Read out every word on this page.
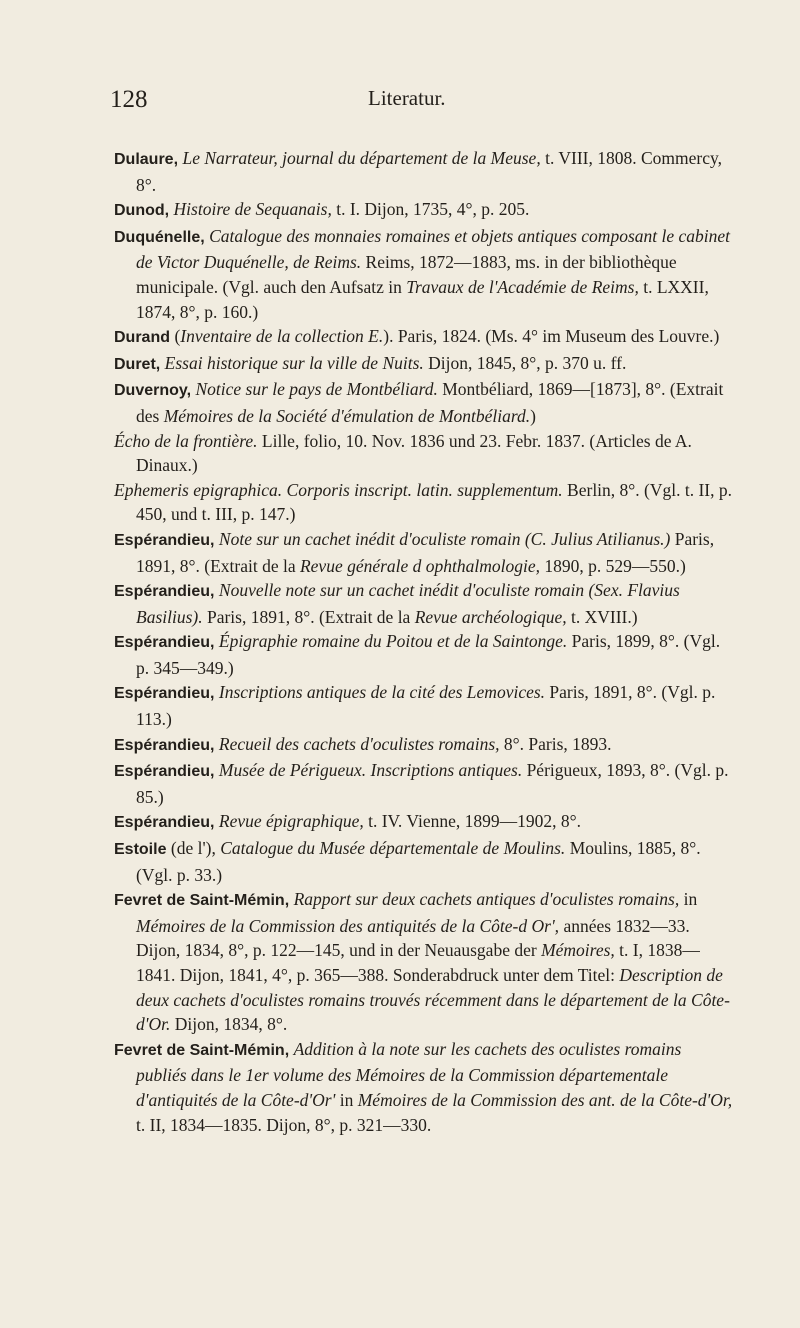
128	Literatur.

Dulaure, Le Narrateur, journal du département de la Meuse, t. VIII, 1808. Commercy, 8°.

Dunod, Histoire de Sequanais, t. I. Dijon, 1735, 4°, p. 205.

Duquénelle, Catalogue des monnaies romaines et objets antiques composant le cabinet de Victor Duquénelle, de Reims. Reims, 1872—1883, ms. in der bibliothèque municipale. (Vgl. auch den Aufsatz in Travaux de l'Académie de Reims, t. LXXII, 1874, 8°, p. 160.)

Durand (Inventaire de la collection E.). Paris, 1824. (Ms. 4° im Museum des Louvre.)

Duret, Essai historique sur la ville de Nuits. Dijon, 1845, 8°, p. 370 u. ff.

Duvernoy, Notice sur le pays de Montbéliard. Montbéliard, 1869—[1873], 8°. (Extrait des Mémoires de la Société d'émulation de Montbéliard.)

Écho de la frontière. Lille, folio, 10. Nov. 1836 und 23. Febr. 1837. (Articles de A. Dinaux.)

Ephemeris epigraphica. Corporis inscript. latin. supplementum. Berlin, 8°. (Vgl. t. II, p. 450, und t. III, p. 147.)

Espérandieu, Note sur un cachet inédit d'oculiste romain (C. Julius Atilianus.) Paris, 1891, 8°. (Extrait de la Revue générale d ophthalmologie, 1890, p. 529—550.)

Espérandieu, Nouvelle note sur un cachet inédit d'oculiste romain (Sex. Flavius Basilius). Paris, 1891, 8°. (Extrait de la Revue archéologique, t. XVIII.)

Espérandieu, Épigraphie romaine du Poitou et de la Saintonge. Paris, 1899, 8°. (Vgl. p. 345—349.)

Espérandieu, Inscriptions antiques de la cité des Lemovices. Paris, 1891, 8°. (Vgl. p. 113.)

Espérandieu, Recueil des cachets d'oculistes romains, 8°. Paris, 1893.

Espérandieu, Musée de Périgueux. Inscriptions antiques. Périgueux, 1893, 8°. (Vgl. p. 85.)

Espérandieu, Revue épigraphique, t. IV. Vienne, 1899—1902, 8°.

Estoile (de l'), Catalogue du Musée départementale de Moulins. Moulins, 1885, 8°. (Vgl. p. 33.)

Fevret de Saint-Mémin, Rapport sur deux cachets antiques d'oculistes romains, in Mémoires de la Commission des antiquités de la Côte-d Or', années 1832—33. Dijon, 1834, 8°, p. 122—145, und in der Neuausgabe der Mémoires, t. I, 1838—1841. Dijon, 1841, 4°, p. 365—388. Sonderabdruck unter dem Titel: Description de deux cachets d'oculistes romains trouvés récemment dans le département de la Côte-d'Or. Dijon, 1834, 8°.

Fevret de Saint-Mémin, Addition à la note sur les cachets des oculistes romains publiés dans le 1er volume des Mémoires de la Commission départementale d'antiquités de la Côte-d'Or' in Mémoires de la Commission des ant. de la Côte-d'Or, t. II, 1834—1835. Dijon, 8°, p. 321—330.
